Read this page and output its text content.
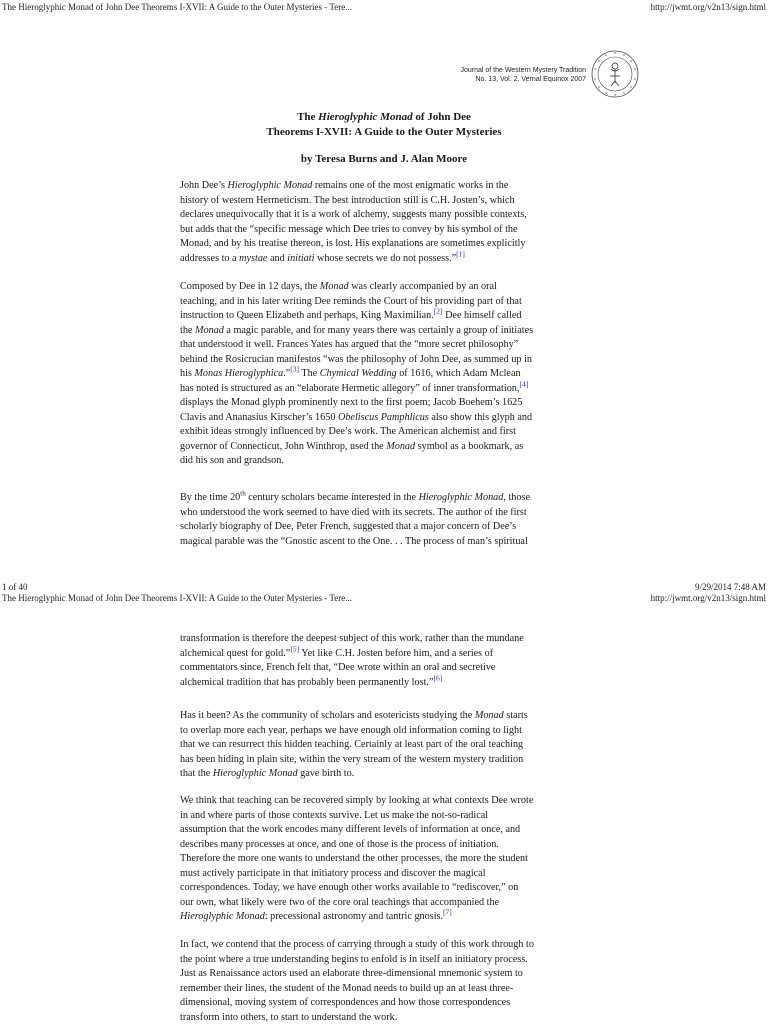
The Hieroglyphic Monad of John Dee Theorems I-XVII: A Guide to the Outer Mysteries - Tere...	http://jwmt.org/v2n13/sign.html
Journal of the Western Mystery Tradition
No. 13, Vol. 2. Vernal Equinox 2007
The Hieroglyphic Monad of John Dee
Theorems I-XVII: A Guide to the Outer Mysteries
by Teresa Burns and J. Alan Moore
John Dee’s Hieroglyphic Monad remains one of the most enigmatic works in the
history of western Hermeticism. The best introduction still is C.H. Josten’s, which
declares unequivocally that it is a work of alchemy, suggests many possible contexts,
but adds that the “specific message which Dee tries to convey by his symbol of the
Monad, and by his treatise thereon, is lost. His explanations are sometimes explicitly
addresses to a mystae and initiati whose secrets we do not possess.”[1]
Composed by Dee in 12 days, the Monad was clearly accompanied by an oral
teaching, and in his later writing Dee reminds the Court of his providing part of that
instruction to Queen Elizabeth and perhaps, King Maximilian.[2] Dee himself called
the Monad a magic parable, and for many years there was certainly a group of initiates
that understood it well. Frances Yates has argued that the “more secret philosophy”
behind the Rosicrucian manifestos “was the philosophy of John Dee, as summed up in
his Monas Hieroglyphica.”[3] The Chymical Wedding of 1616, which Adam Mclean
has noted is structured as an “elaborate Hermetic allegory” of inner transformation,[4]
displays the Monad glyph prominently next to the first poem; Jacob Boehem’s 1625
Clavis and Ananasius Kirscher’s 1650 Obeliscus Pamphlicus also show this glyph and
exhibit ideas strongly influenced by Dee’s work. The American alchemist and first
governor of Connecticut, John Winthrop, used the Monad symbol as a bookmark, as
did his son and grandson.
By the time 20th century scholars became interested in the Hieroglyphic Monad, those
who understood the work seemed to have died with its secrets. The author of the first
scholarly biography of Dee, Peter French, suggested that a major concern of Dee’s
magical parable was the “Gnostic ascent to the One. . . The process of man’s spiritual
1 of 40	9/29/2014 7:48 AM
The Hieroglyphic Monad of John Dee Theorems I-XVII: A Guide to the Outer Mysteries - Tere...	http://jwmt.org/v2n13/sign.html
transformation is therefore the deepest subject of this work, rather than the mundane
alchemical quest for gold.”[5] Yet like C.H. Josten before him, and a series of
commentators since, French felt that, “Dee wrote within an oral and secretive
alchemical tradition that has probably been permanently lost.”[6]
Has it been? As the community of scholars and esotericists studying the Monad starts
to overlap more each year, perhaps we have enough old information coming to light
that we can resurrect this hidden teaching. Certainly at least part of the oral teaching
has been hiding in plain site, within the very stream of the western mystery tradition
that the Hieroglyphic Monad gave birth to.
We think that teaching can be recovered simply by looking at what contexts Dee wrote
in and where parts of those contexts survive. Let us make the not-so-radical
assumption that the work encodes many different levels of information at once, and
describes many processes at once, and one of those is the process of initiation.
Therefore the more one wants to understand the other processes, the more the student
must actively participate in that initiatory process and discover the magical
correspondences. Today, we have enough other works available to “rediscover,” on
our own, what likely were two of the core oral teachings that accompanied the
Hieroglyphic Monad: precessional astronomy and tantric gnosis.[7]
In fact, we contend that the process of carrying through a study of this work through to
the point where a true understanding begins to enfold is in itself an initiatory process.
Just as Renaissance actors used an elaborate three-dimensional mnemonic system to
remember their lines, the student of the Monad needs to build up an at least three-
dimensional, moving system of correspondences and how those correspondences
transform into others, to start to understand the work.
